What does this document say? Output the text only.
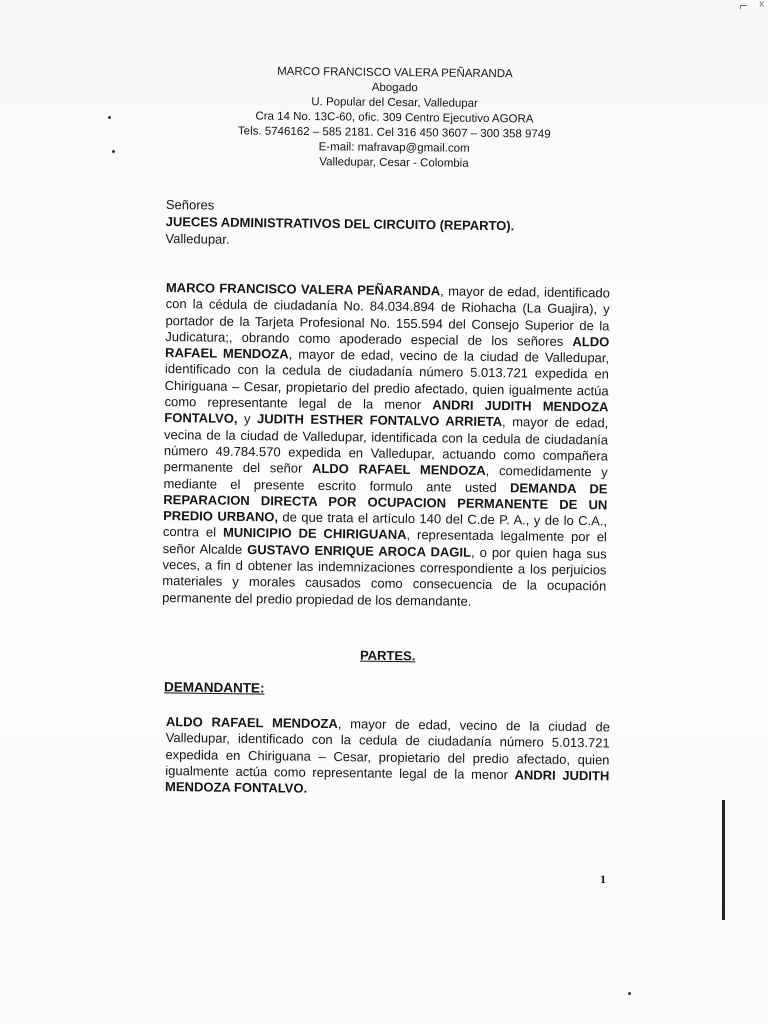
⌐ ˣ
MARCO FRANCISCO VALERA PEÑARANDA
Abogado
U. Popular del Cesar, Valledupar
Cra 14 No. 13C-60, ofic. 309 Centro Ejecutivo AGORA
Tels. 5746162 – 585 2181. Cel 316 450 3607 – 300 358 9749
E-mail: mafravap@gmail.com
Valledupar, Cesar - Colombia
Señores
JUECES ADMINISTRATIVOS DEL CIRCUITO (REPARTO).
Valledupar.

MARCO FRANCISCO VALERA PEÑARANDA, mayor de edad, identificado con la cédula de ciudadanía No. 84.034.894 de Riohacha (La Guajira), y portador de la Tarjeta Profesional No. 155.594 del Consejo Superior de la Judicatura;, obrando como apoderado especial de los señores ALDO RAFAEL MENDOZA, mayor de edad, vecino de la ciudad de Valledupar, identificado con la cedula de ciudadanía número 5.013.721 expedida en Chiriguana – Cesar, propietario del predio afectado, quien igualmente actúa como representante legal de la menor ANDRI JUDITH MENDOZA FONTALVO, y JUDITH ESTHER FONTALVO ARRIETA, mayor de edad, vecina de la ciudad de Valledupar, identificada con la cedula de ciudadanía número 49.784.570 expedida en Valledupar, actuando como compañera permanente del señor ALDO RAFAEL MENDOZA, comedidamente y mediante el presente escrito formulo ante usted DEMANDA DE REPARACION DIRECTA POR OCUPACION PERMANENTE DE UN PREDIO URBANO, de que trata el artículo 140 del C.de P. A., y de lo C.A., contra el MUNICIPIO DE CHIRIGUANA, representada legalmente por el señor Alcalde GUSTAVO ENRIQUE AROCA DAGIL, o por quien haga sus veces, a fin d obtener las indemnizaciones correspondiente a los perjuicios materiales y morales causados como consecuencia de la ocupación permanente del predio propiedad de los demandante.

PARTES.
DEMANDANTE:

ALDO RAFAEL MENDOZA, mayor de edad, vecino de la ciudad de Valledupar, identificado con la cedula de ciudadanía número 5.013.721 expedida en Chiriguana – Cesar, propietario del predio afectado, quien igualmente actúa como representante legal de la menor ANDRI JUDITH MENDOZA FONTALVO.

1
